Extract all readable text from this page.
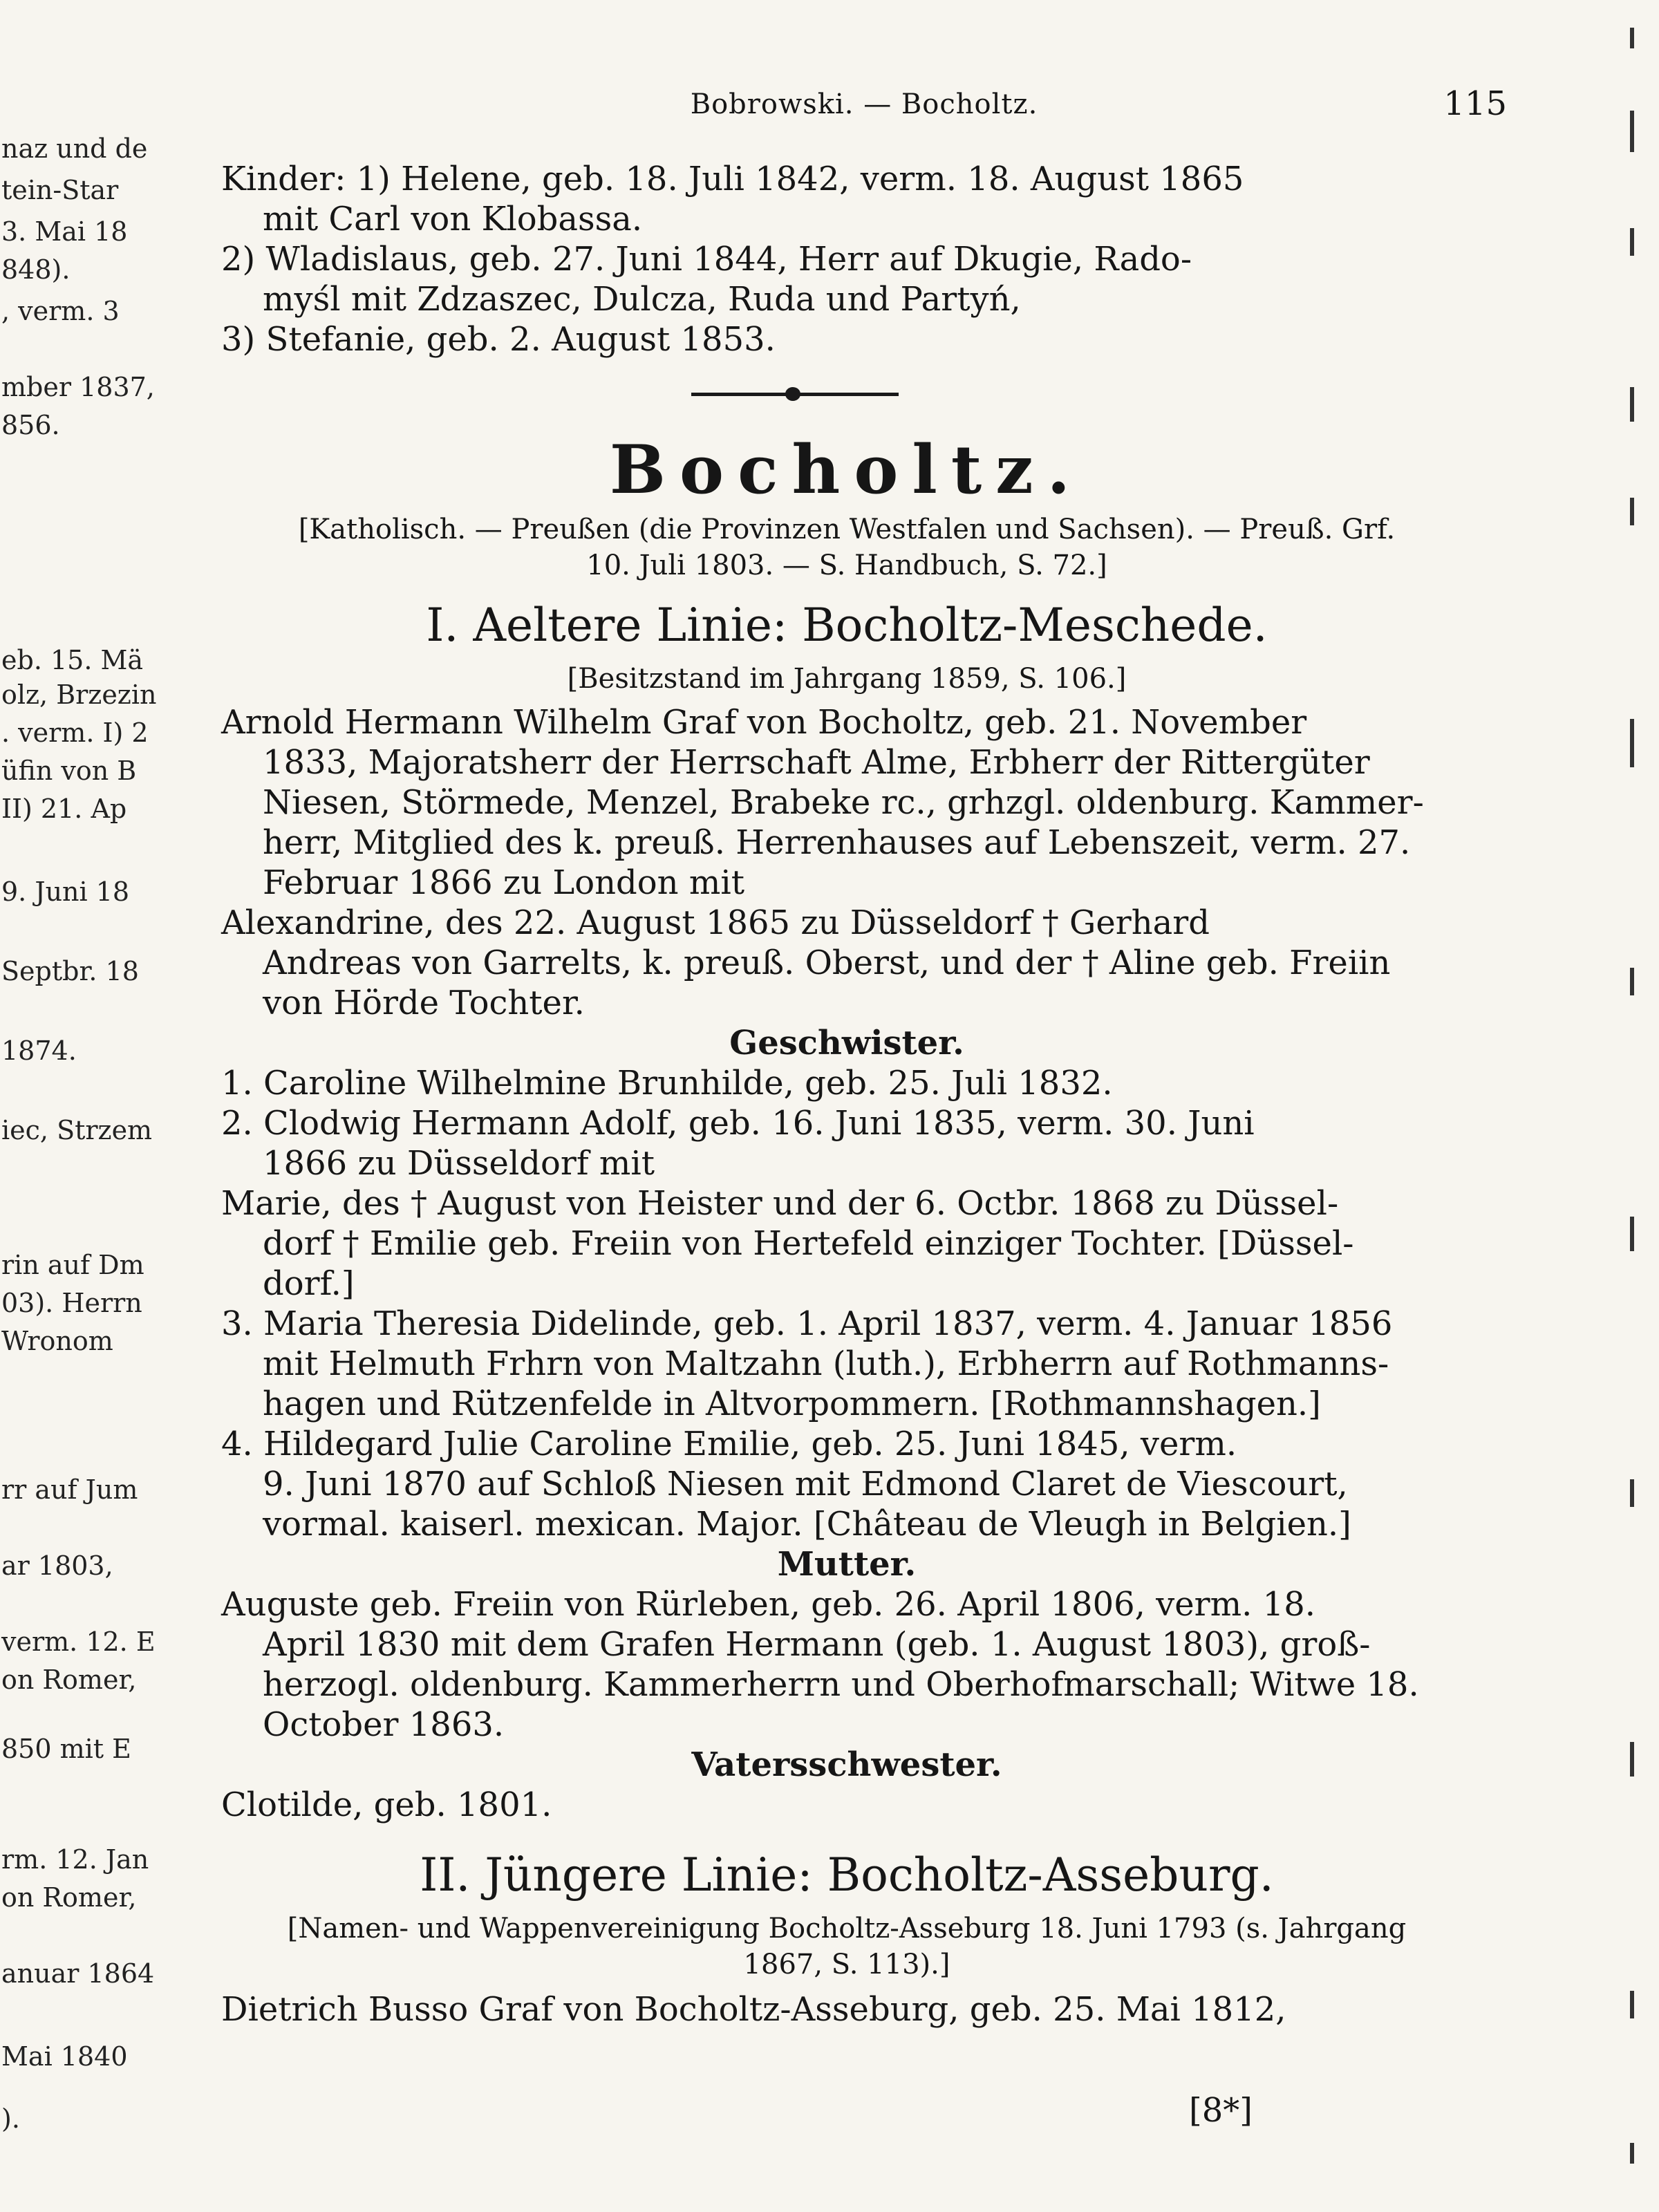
naz und de
tein-Star
3. Mai 18
848).
, verm. 3
mber 1837,
856.
eb. 15. Mä
olz, Brzezin
. verm. I) 2
üfin von B
II) 21. Ap
9. Juni 18
Septbr. 18
1874.
iec, Strzem
rin auf Dm
03). Herrn
Wronom
rr auf Jum
ar 1803,
verm. 12. E
on Romer,
850 mit E
rm. 12. Jan
on Romer,
anuar 1864
Mai 1840
).
Bobrowski. — Bocholtz.	115
Kinder: 1) Helene, geb. 18. Juli 1842, verm. 18. August 1865
mit Carl von Klobassa.
2) Wladislaus, geb. 27. Juni 1844, Herr auf Dkugie, Rado-
myśl mit Zdzaszec, Dulcza, Ruda und Partyń,
3) Stefanie, geb. 2. August 1853.
Bocholtz.
[Katholisch. — Preußen (die Provinzen Westfalen und Sachsen). — Preuß. Grf.
10. Juli 1803. — S. Handbuch, S. 72.]
I. Aeltere Linie: Bocholtz-Meschede.
[Besitzstand im Jahrgang 1859, S. 106.]
Arnold Hermann Wilhelm Graf von Bocholtz, geb. 21. November
1833, Majoratsherr der Herrschaft Alme, Erbherr der Rittergüter
Niesen, Störmede, Menzel, Brabeke rc., grhzgl. oldenburg. Kammer-
herr, Mitglied des k. preuß. Herrenhauses auf Lebenszeit, verm. 27.
Februar 1866 zu London mit
Alexandrine, des 22. August 1865 zu Düsseldorf † Gerhard
Andreas von Garrelts, k. preuß. Oberst, und der † Aline geb. Freiin
von Hörde Tochter.
Geschwister.
1. Caroline Wilhelmine Brunhilde, geb. 25. Juli 1832.
2. Clodwig Hermann Adolf, geb. 16. Juni 1835, verm. 30. Juni
1866 zu Düsseldorf mit
Marie, des † August von Heister und der 6. Octbr. 1868 zu Düssel-
dorf † Emilie geb. Freiin von Hertefeld einziger Tochter. [Düssel-
dorf.]
3. Maria Theresia Didelinde, geb. 1. April 1837, verm. 4. Januar 1856
mit Helmuth Frhrn von Maltzahn (luth.), Erbherrn auf Rothmanns-
hagen und Rützenfelde in Altvorpommern. [Rothmannshagen.]
4. Hildegard Julie Caroline Emilie, geb. 25. Juni 1845, verm.
9. Juni 1870 auf Schloß Niesen mit Edmond Claret de Viescourt,
vormal. kaiserl. mexican. Major. [Château de Vleugh in Belgien.]
Mutter.
Auguste geb. Freiin von Rürleben, geb. 26. April 1806, verm. 18.
April 1830 mit dem Grafen Hermann (geb. 1. August 1803), groß-
herzogl. oldenburg. Kammerherrn und Oberhofmarschall; Witwe 18.
October 1863.
Vatersschwester.
Clotilde, geb. 1801.
II. Jüngere Linie: Bocholtz-Asseburg.
[Namen- und Wappenvereinigung Bocholtz-Asseburg 18. Juni 1793 (s. Jahrgang
1867, S. 113).]
Dietrich Busso Graf von Bocholtz-Asseburg, geb. 25. Mai 1812,
[8*]
